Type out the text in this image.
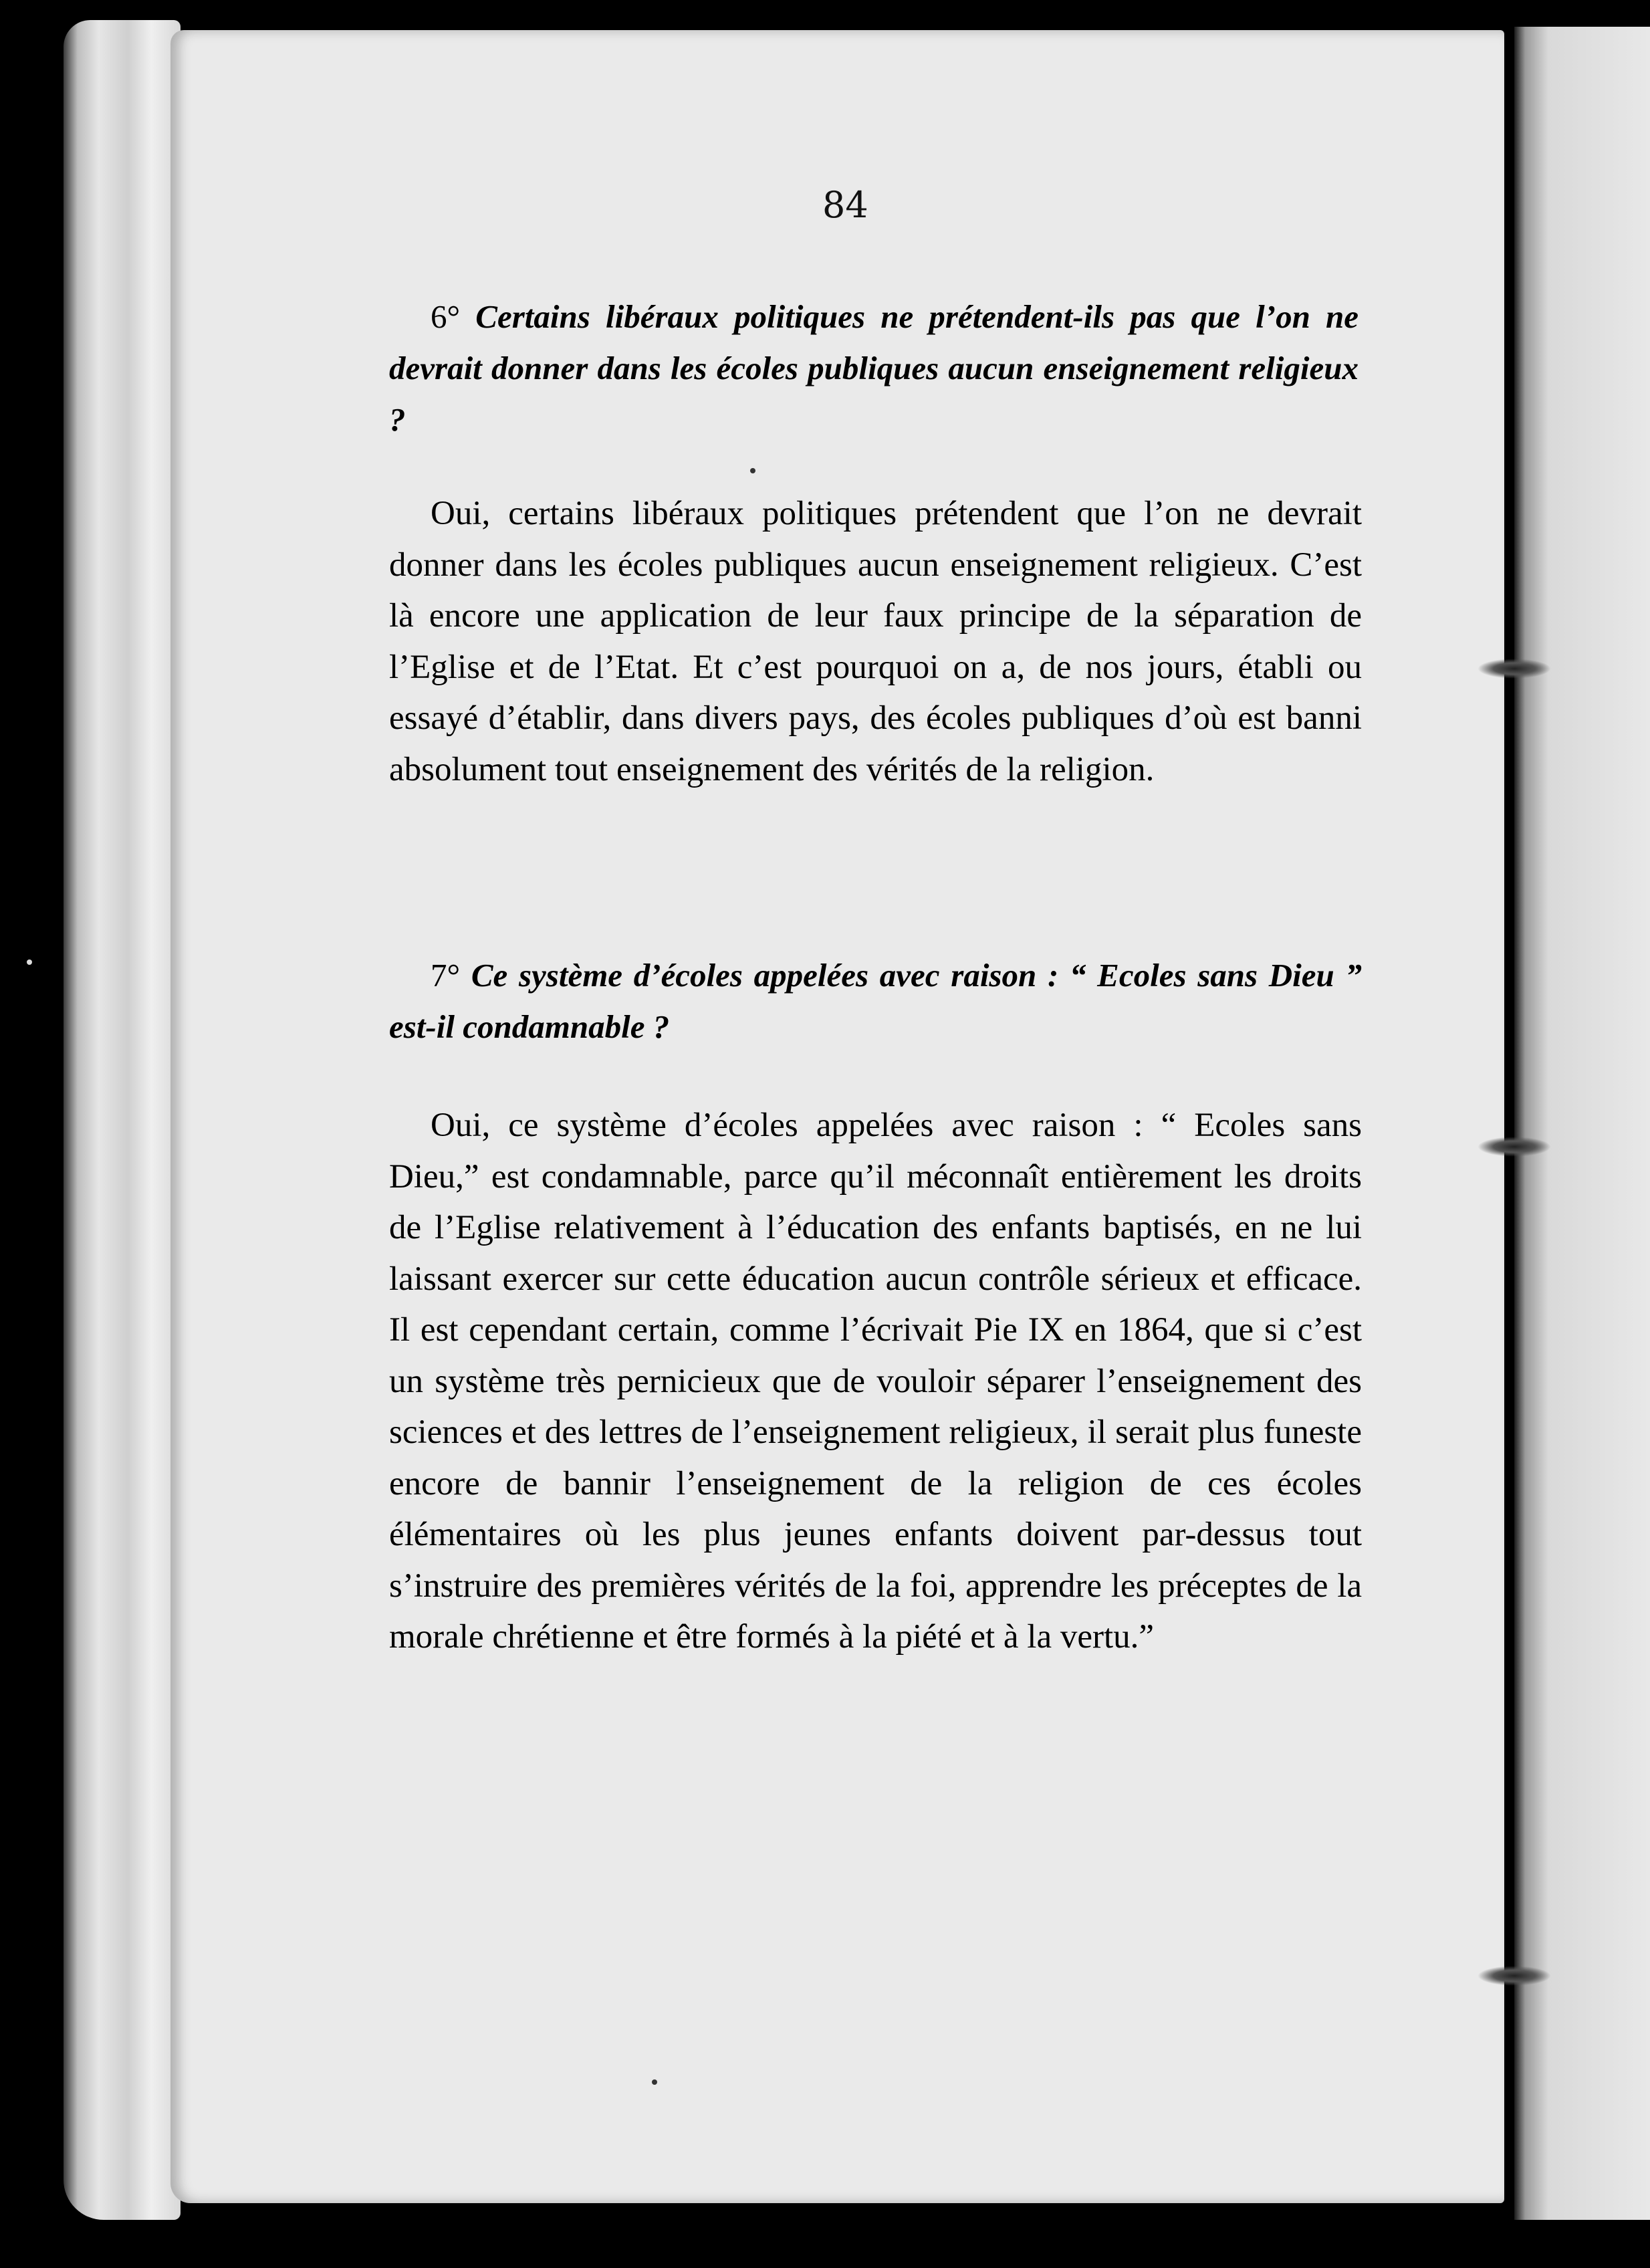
84

6° Certains libéraux politiques ne prétendent-ils pas que l’on ne devrait donner dans les écoles publiques aucun enseignement religieux ?

Oui, certains libéraux politiques prétendent que l’on ne devrait donner dans les écoles publiques aucun enseignement religieux. C’est là encore une application de leur faux principe de la séparation de l’Eglise et de l’Etat. Et c’est pourquoi on a, de nos jours, établi ou essayé d’établir, dans divers pays, des écoles publiques d’où est banni absolument tout enseignement des vérités de la religion.

7° Ce système d’écoles appelées avec raison : “ Ecoles sans Dieu ” est-il condamnable ?

Oui, ce système d’écoles appelées avec raison : “ Ecoles sans Dieu,” est condamnable, parce qu’il méconnaît entièrement les droits de l’Eglise relativement à l’éducation des enfants baptisés, en ne lui laissant exercer sur cette éducation aucun contrôle sérieux et efficace. Il est cependant certain, comme l’écrivait Pie IX en 1864, que si c’est un système très pernicieux que de vouloir séparer l’enseignement des sciences et des lettres de l’enseignement religieux, il serait plus funeste encore de bannir l’enseignement de la religion de ces écoles élémentaires où les plus jeunes enfants doivent par-dessus tout s’instruire des premières vérités de la foi, apprendre les préceptes de la morale chrétienne et être formés à la piété et à la vertu.”
